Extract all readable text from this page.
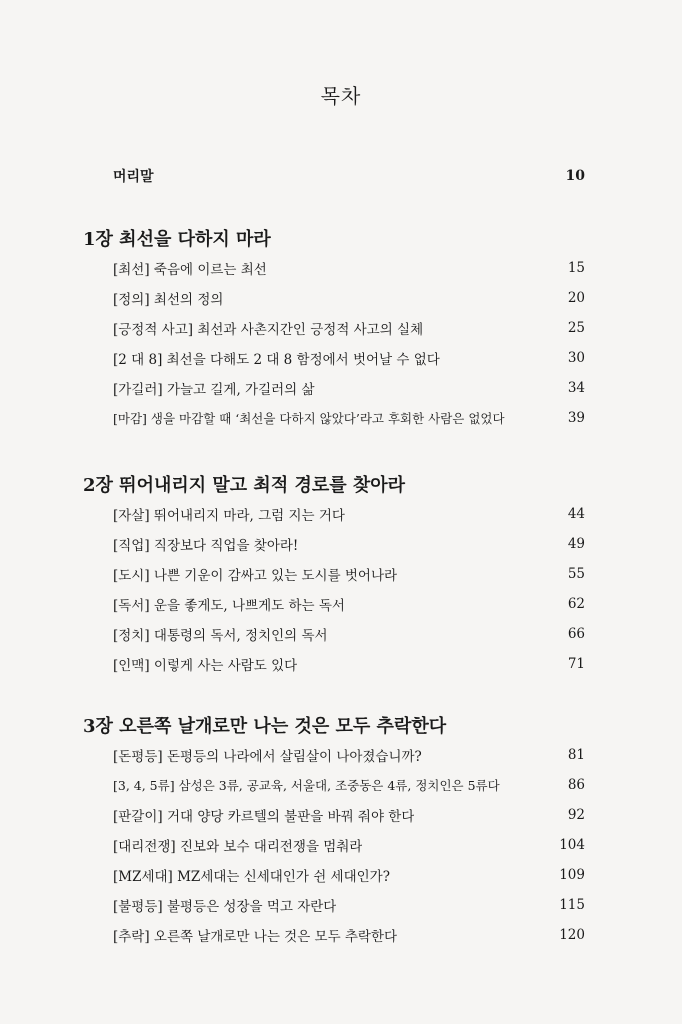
목차
머리말	10
1장 최선을 다하지 마라
[최선] 죽음에 이르는 최선	15
[정의] 최선의 정의	20
[긍정적 사고] 최선과 사촌지간인 긍정적 사고의 실체	25
[2 대 8] 최선을 다해도 2 대 8 함정에서 벗어날 수 없다	30
[가길러] 가늘고 길게, 가길러의 삶	34
[마감] 생을 마감할 때 ‘최선을 다하지 않았다’라고 후회한 사람은 없었다	39
2장 뛰어내리지 말고 최적 경로를 찾아라
[자살] 뛰어내리지 마라, 그럼 지는 거다	44
[직업] 직장보다 직업을 찾아라!	49
[도시] 나쁜 기운이 감싸고 있는 도시를 벗어나라	55
[독서] 운을 좋게도, 나쁘게도 하는 독서	62
[정치] 대통령의 독서, 정치인의 독서	66
[인맥] 이렇게 사는 사람도 있다	71
3장 오른쪽 날개로만 나는 것은 모두 추락한다
[돈평등] 돈평등의 나라에서 살림살이 나아졌습니까?	81
[3, 4, 5류] 삼성은 3류, 공교육, 서울대, 조중동은 4류, 정치인은 5류다	86
[판갈이] 거대 양당 카르텔의 불판을 바꿔 줘야 한다	92
[대리전쟁] 진보와 보수 대리전쟁을 멈춰라	104
[MZ세대] MZ세대는 신세대인가 쉰 세대인가?	109
[불평등] 불평등은 성장을 먹고 자란다	115
[추락] 오른쪽 날개로만 나는 것은 모두 추락한다	120
